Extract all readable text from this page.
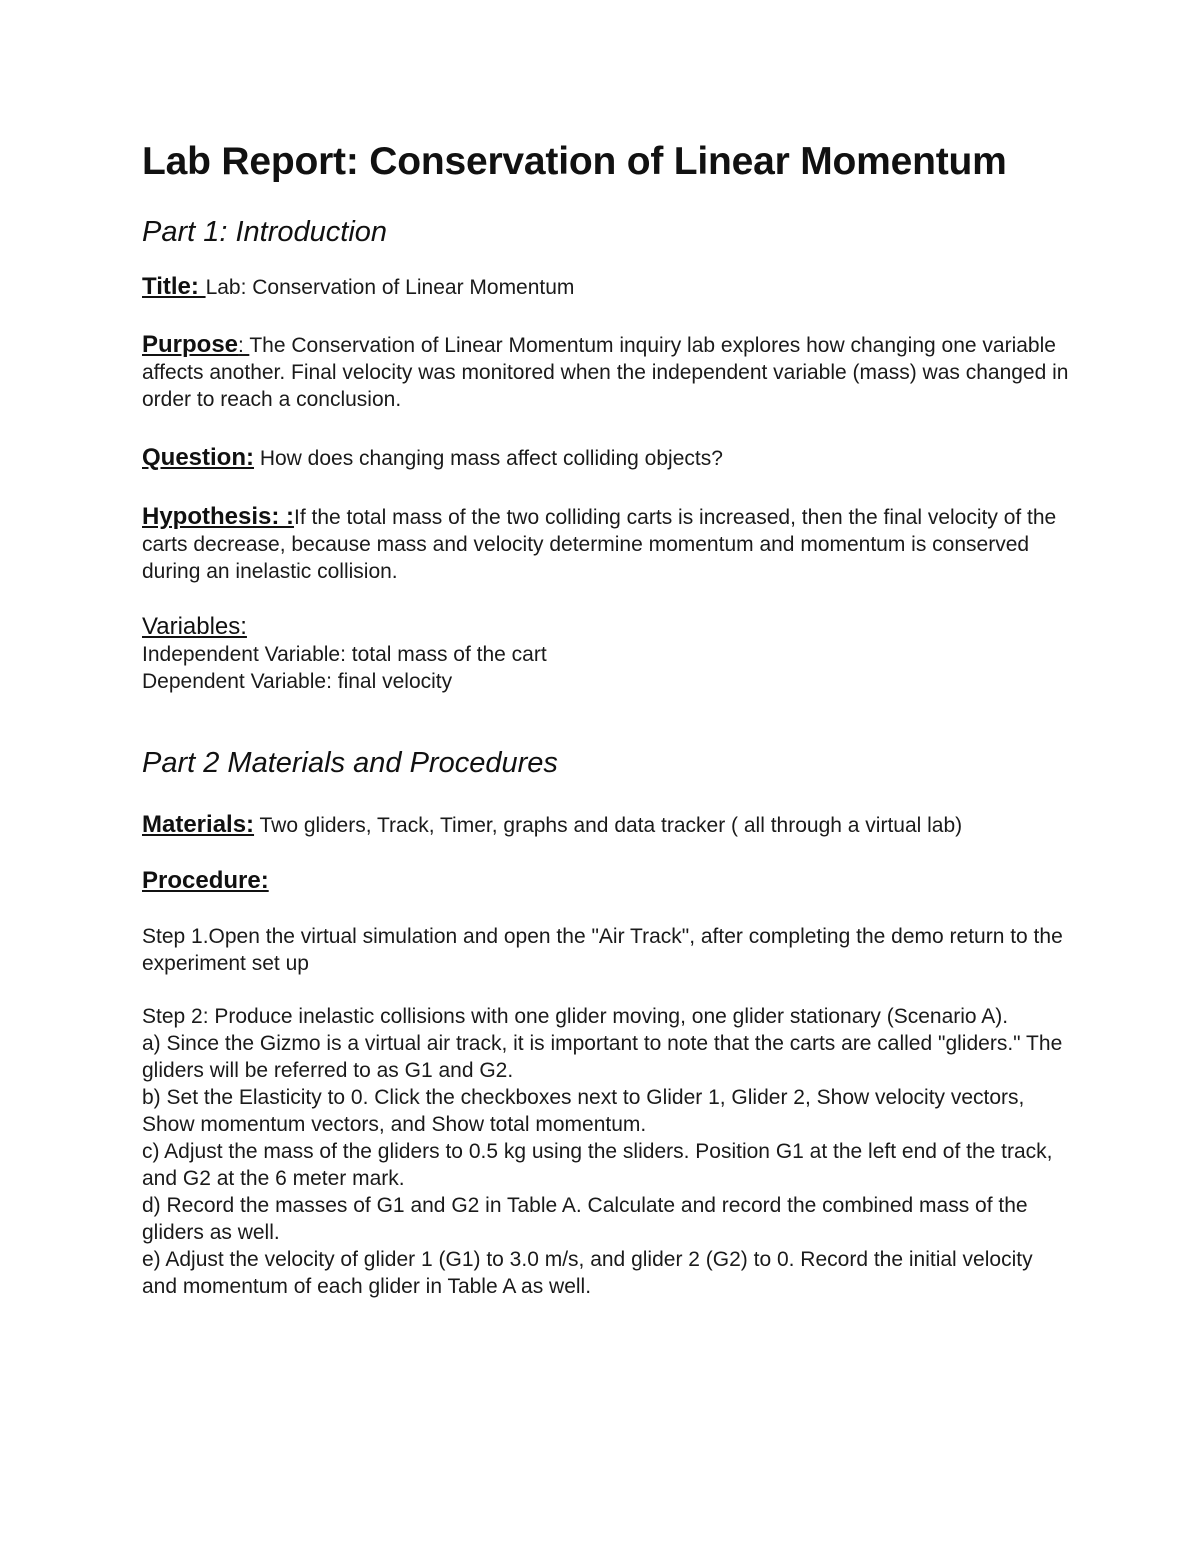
Lab Report: Conservation of Linear Momentum
Part 1: Introduction

Title: Lab: Conservation of Linear Momentum

Purpose: The Conservation of Linear Momentum inquiry lab explores how changing one variable affects another. Final velocity was monitored when the independent variable (mass) was changed in order to reach a conclusion.

Question: How does changing mass affect colliding objects?

Hypothesis: :If the total mass of the two colliding carts is increased, then the final velocity of the carts decrease, because mass and velocity determine momentum and momentum is conserved during an inelastic collision.

Variables:

Independent Variable: total mass of the cart
Dependent Variable: final velocity
Part 2 Materials and Procedures

Materials: Two gliders, Track, Timer, graphs and data tracker ( all through a virtual lab)

Procedure:

Step 1.Open the virtual simulation and open the "Air Track", after completing the demo return to the experiment set up

Step 2: Produce inelastic collisions with one glider moving, one glider stationary (Scenario A).
a) Since the Gizmo is a virtual air track, it is important to note that the carts are called "gliders." The gliders will be referred to as G1 and G2.
b) Set the Elasticity to 0. Click the checkboxes next to Glider 1, Glider 2, Show velocity vectors, Show momentum vectors, and Show total momentum.
c) Adjust the mass of the gliders to 0.5 kg using the sliders. Position G1 at the left end of the track, and G2 at the 6 meter mark.
d) Record the masses of G1 and G2 in Table A. Calculate and record the combined mass of the gliders as well.
e) Adjust the velocity of glider 1 (G1) to 3.0 m/s, and glider 2 (G2) to 0. Record the initial velocity and momentum of each glider in Table A as well.
